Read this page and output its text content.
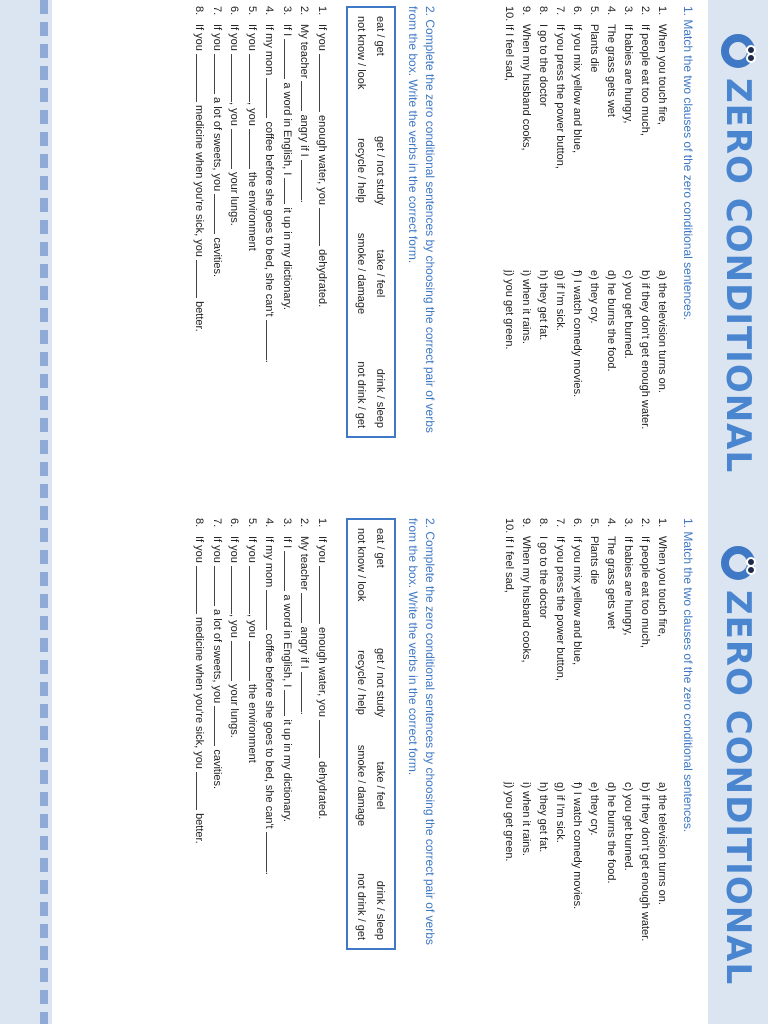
ZERO CONDITIONAL
1. Match the two clauses of the zero conditional sentences.
1.When you touch fire,
2.If people eat too much,
3.If babies are hungry,
4.The grass gets wet
5.Plants die
6.If you mix yellow and blue,
7.If you press the power button,
8.I go to the doctor
9.When my husband cooks,
10.If I feel sad,
a) the television turns on.
b) if they don't get enough water.
c) you get burned.
d) he burns the food.
e) they cry.
f) I watch comedy movies.
g) if I'm sick.
h) they get fat.
i) when it rains.
j) you get green.
2. Complete the zero conditional sentences by choosing the correct pair of verbs from the box. Write the verbs in the correct form.
eat / get
get / not study
take / feel
drink / sleep
not know / look
recycle / help
smoke / damage
not drink / get
1.If you  enough water, you  dehydrated.
2.My teacher  angry if I .
3.If I  a word in English, I  it up in my dictionary.
4.If my mom  coffee before she goes to bed, she can't .
5.If you , you  the environment
6.If you , you  your lungs.
7.If you  a lot of sweets, you  cavities.
8.If you  medicine when you're sick, you  better.
ZERO CONDITIONAL
1. Match the two clauses of the zero conditional sentences.
1.When you touch fire,
2.If people eat too much,
3.If babies are hungry,
4.The grass gets wet
5.Plants die
6.If you mix yellow and blue,
7.If you press the power button,
8.I go to the doctor
9.When my husband cooks,
10.If I feel sad,
a) the television turns on.
b) if they don't get enough water.
c) you get burned.
d) he burns the food.
e) they cry.
f) I watch comedy movies.
g) if I'm sick.
h) they get fat.
i) when it rains.
j) you get green.
2. Complete the zero conditional sentences by choosing the correct pair of verbs from the box. Write the verbs in the correct form.
eat / get
get / not study
take / feel
drink / sleep
not know / look
recycle / help
smoke / damage
not drink / get
1.If you  enough water, you  dehydrated.
2.My teacher  angry if I .
3.If I  a word in English, I  it up in my dictionary.
4.If my mom  coffee before she goes to bed, she can't .
5.If you , you  the environment
6.If you , you  your lungs.
7.If you  a lot of sweets, you  cavities.
8.If you  medicine when you're sick, you  better.
